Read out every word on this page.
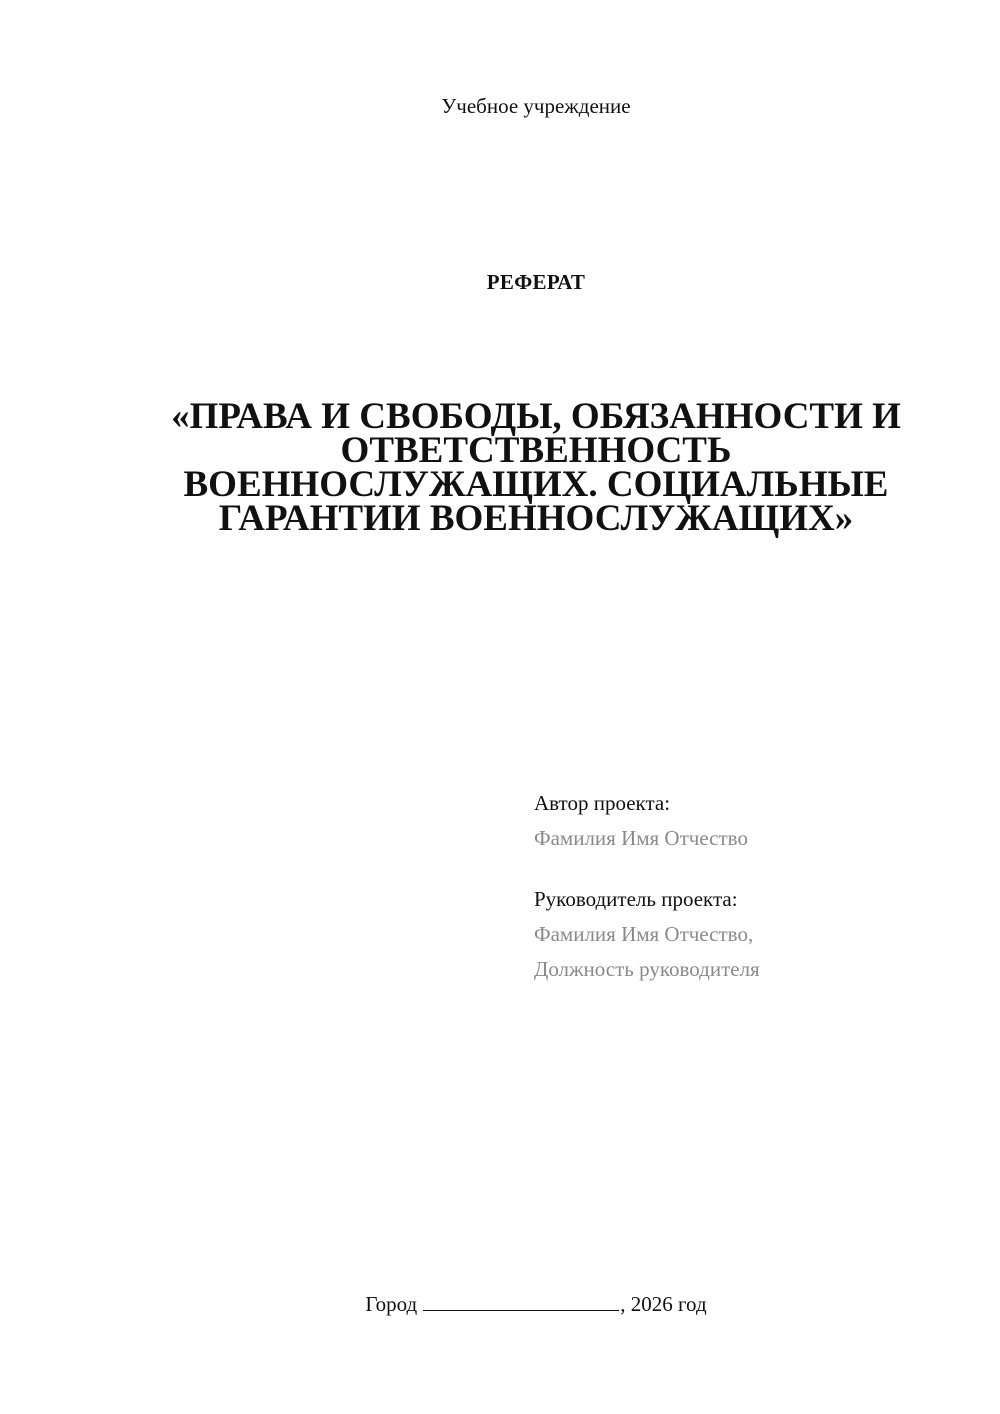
Учебное учреждение
РЕФЕРАТ
«ПРАВА И СВОБОДЫ, ОБЯЗАННОСТИ И
ОТВЕТСТВЕННОСТЬ
ВОЕННОСЛУЖАЩИХ. СОЦИАЛЬНЫЕ
ГАРАНТИИ ВОЕННОСЛУЖАЩИХ»
Автор проекта:
Фамилия Имя Отчество
Руководитель проекта:
Фамилия Имя Отчество,
Должность руководителя
Город	, 2026 год
